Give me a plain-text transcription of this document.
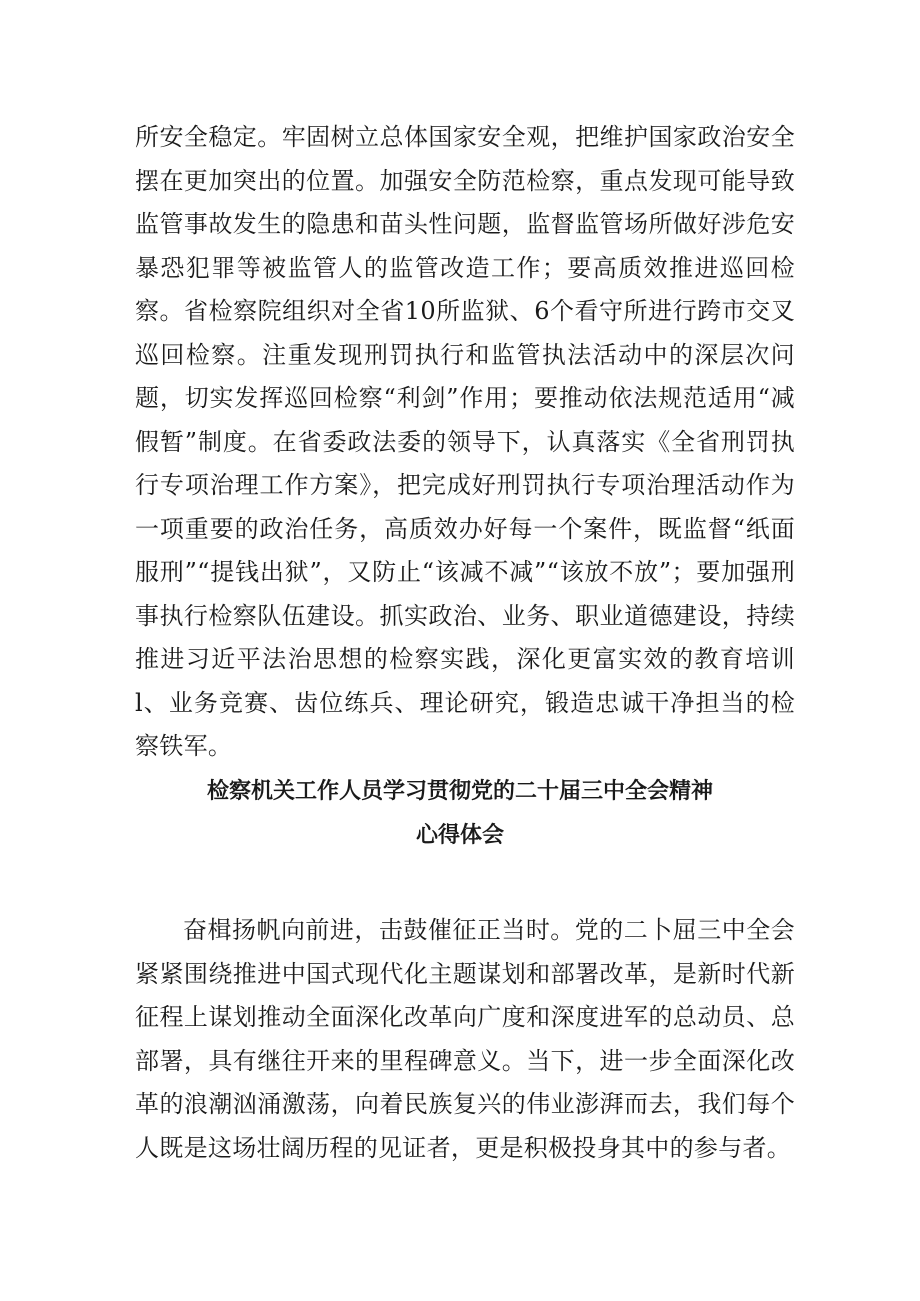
所安全稳定。牢固树立总体国家安全观，把维护国家政治安全摆在更加突出的位置。加强安全防范检察，重点发现可能导致监管事故发生的隐患和苗头性问题，监督监管场所做好涉危安暴恐犯罪等被监管人的监管改造工作；要高质效推进巡回检察。省检察院组织对全省10所监狱、6个看守所进行跨市交叉巡回检察。注重发现刑罚执行和监管执法活动中的深层次问题，切实发挥巡回检察“利剑”作用；要推动依法规范适用“减假暂”制度。在省委政法委的领导下，认真落实《全省刑罚执行专项治理工作方案》，把完成好刑罚执行专项治理活动作为一项重要的政治任务，高质效办好每一个案件，既监督“纸面服刑”“提钱出狱”，又防止“该减不减”“该放不放”；要加强刑事执行检察队伍建设。抓实政治、业务、职业道德建设，持续推进习近平法治思想的检察实践，深化更富实效的教育培训l、业务竞赛、齿位练兵、理论研究，锻造忠诚干净担当的检察铁军。

检察机关工作人员学习贯彻党的二十届三中全会精神
心得体会

奋楫扬帆向前进，击鼓催征正当时。党的二卜屈三中全会紧紧围绕推进中国式现代化主题谋划和部署改革，是新时代新征程上谋划推动全面深化改革向广度和深度进军的总动员、总部署，具有继往开来的里程碑意义。当下，进一步全面深化改革的浪潮汹涌激荡，向着民族复兴的伟业澎湃而去，我们每个人既是这场壮阔历程的见证者，更是积极投身其中的参与者。
